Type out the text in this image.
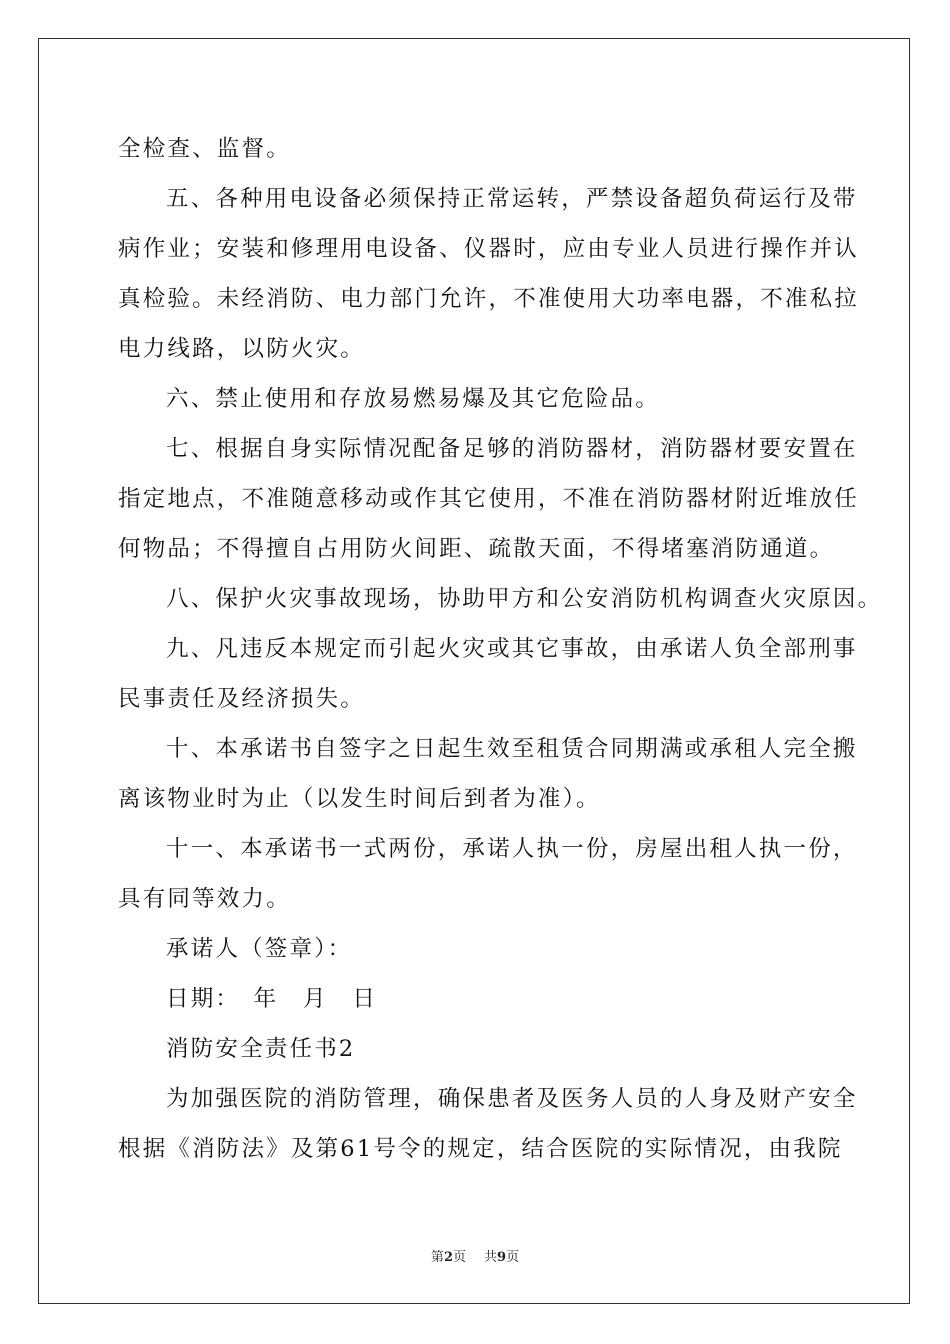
全检查、监督。

五、各种用电设备必须保持正常运转，严禁设备超负荷运行及带

病作业；安装和修理用电设备、仪器时，应由专业人员进行操作并认

真检验。未经消防、电力部门允许，不准使用大功率电器，不准私拉

电力线路，以防火灾。

六、禁止使用和存放易燃易爆及其它危险品。

七、根据自身实际情况配备足够的消防器材，消防器材要安置在

指定地点，不准随意移动或作其它使用，不准在消防器材附近堆放任

何物品；不得擅自占用防火间距、疏散天面，不得堵塞消防通道。

八、保护火灾事故现场，协助甲方和公安消防机构调查火灾原因。

九、凡违反本规定而引起火灾或其它事故，由承诺人负全部刑事

民事责任及经济损失。

十、本承诺书自签字之日起生效至租赁合同期满或承租人完全搬

离该物业时为止（以发生时间后到者为准）。

十一、本承诺书一式两份，承诺人执一份，房屋出租人执一份，

具有同等效力。

承诺人（签章）：

日期：　年　月　日

消防安全责任书2

为加强医院的消防管理，确保患者及医务人员的人身及财产安全

根据《消防法》及第61号令的规定，结合医院的实际情况，由我院

第2页 共9页
